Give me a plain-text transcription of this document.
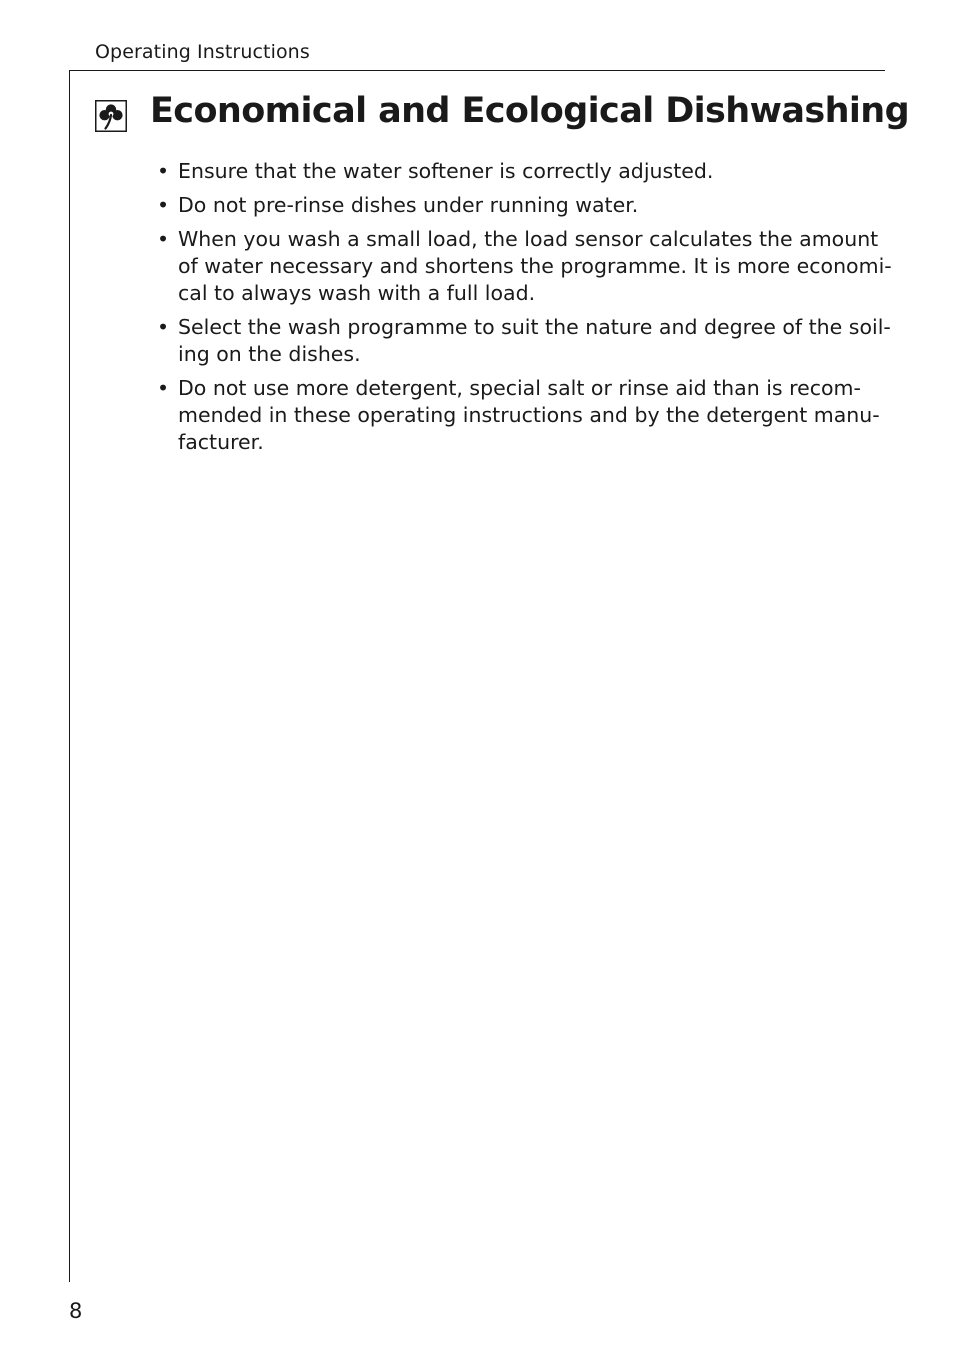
Operating Instructions
Economical and Ecological Dishwashing
• Ensure that the water softener is correctly adjusted.
• Do not pre-rinse dishes under running water.
• When you wash a small load, the load sensor calculates the amount
of water necessary and shortens the programme. It is more economi-
cal to always wash with a full load.
• Select the wash programme to suit the nature and degree of the soil-
ing on the dishes.
• Do not use more detergent, special salt or rinse aid than is recom-
mended in these operating instructions and by the detergent manu-
facturer.
8
